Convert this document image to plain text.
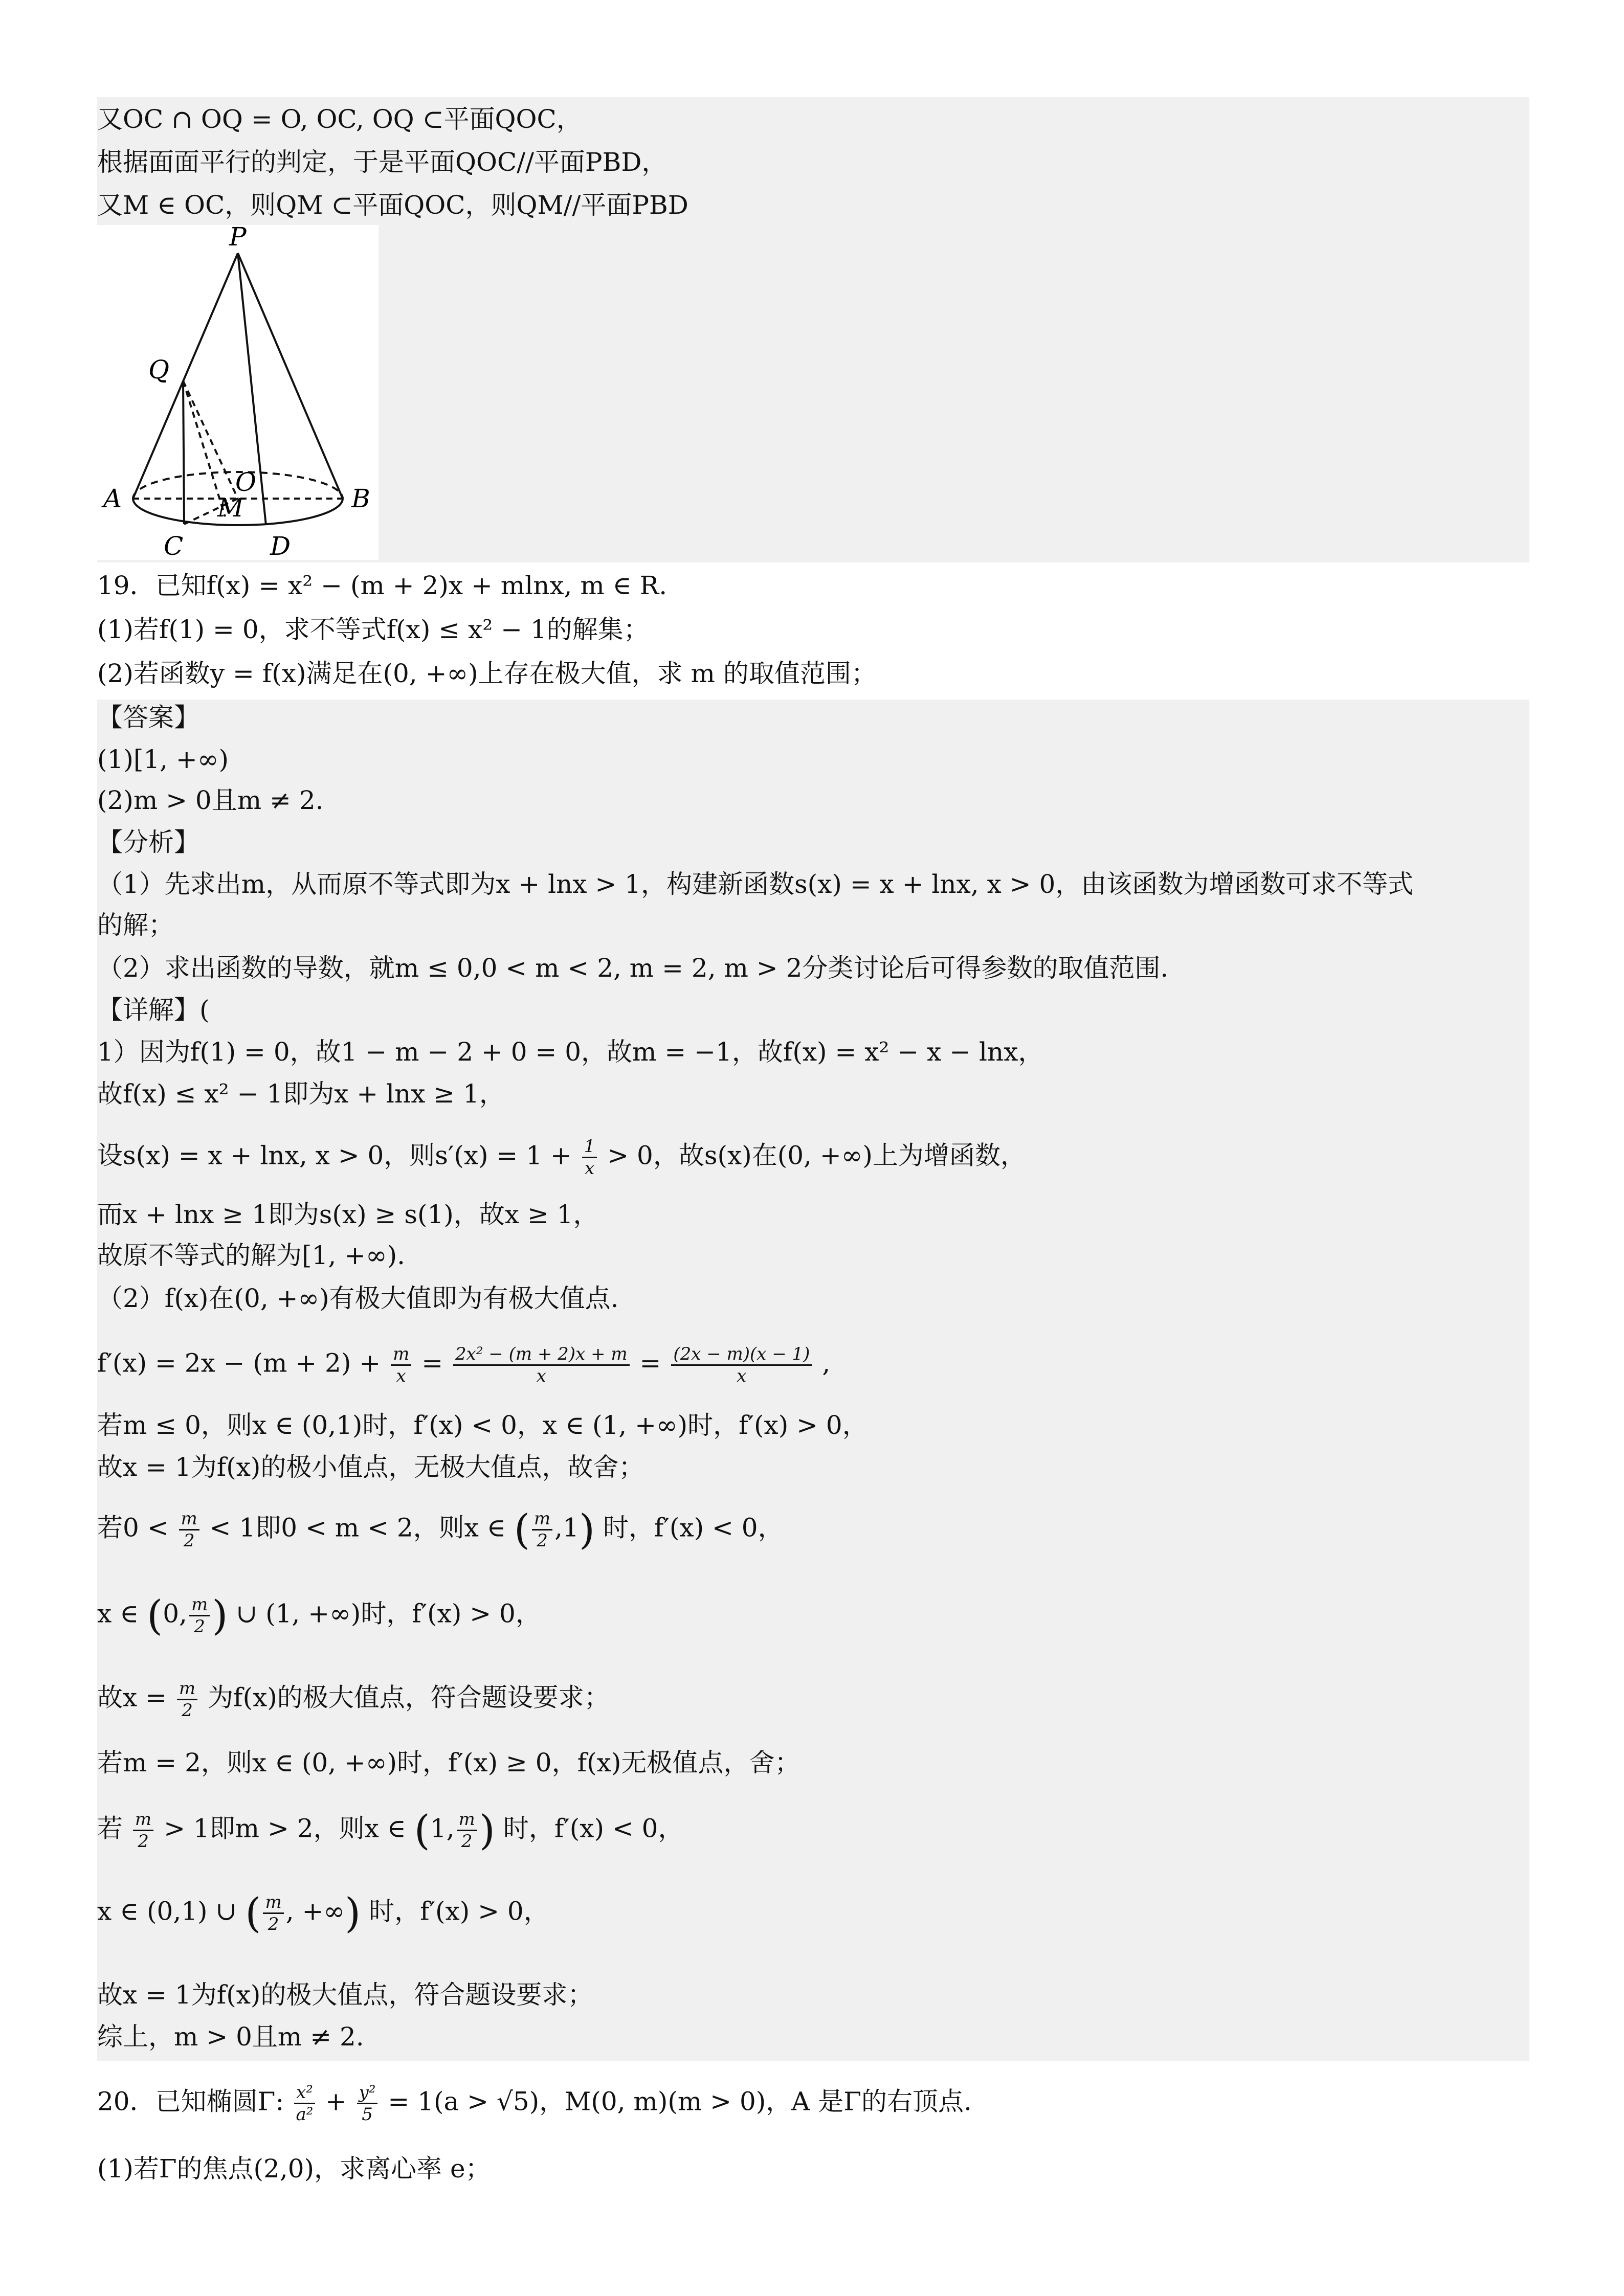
又OC ∩ OQ = O, OC, OQ ⊂平面QOC，
根据面面平行的判定，于是平面QOC//平面PBD，
又M ∈ OC，则QM ⊂平面QOC，则QM//平面PBD
P
Q
O
A	B
M
C	D
19．已知f(x) = x² − (m + 2)x + mlnx, m ∈ R.
(1)若f(1) = 0，求不等式f(x) ≤ x² − 1的解集；
(2)若函数y = f(x)满足在(0, +∞)上存在极大值，求 m 的取值范围；
【答案】
(1)[1, +∞)
(2)m > 0且m ≠ 2.
【分析】
（1）先求出m，从而原不等式即为x + lnx > 1，构建新函数s(x) = x + lnx, x > 0，由该函数为增函数可求不等式
的解；
（2）求出函数的导数，就m ≤ 0,0 < m < 2, m = 2, m > 2分类讨论后可得参数的取值范围.
【详解】(
1）因为f(1) = 0，故1 − m − 2 + 0 = 0，故m = −1，故f(x) = x² − x − lnx，
故f(x) ≤ x² − 1即为x + lnx ≥ 1，
设s(x) = x + lnx, x > 0，则$s'(x) = 1 + \frac{1}{x} > 0$，故s(x)在(0, +∞)上为增函数，
而x + lnx ≥ 1即为s(x) ≥ s(1)，故x ≥ 1，
故原不等式的解为[1, +∞).
（2）f(x)在(0, +∞)有极大值即为有极大值点.
$f'(x) = 2x - (m + 2) + \frac{m}{x} = \frac{\text{2x² − (m + 2)x + m}}{x} = \frac{(2x - m)(x - 1)}{x}$ ,
若m ≤ 0，则x ∈ (0,1)时，f′(x) < 0，x ∈ (1, +∞)时，f′(x) > 0，
故x = 1为f(x)的极小值点，无极大值点，故舍；
若$0 < \frac{m}{2} < 1$即0 < m < 2，则x ∈ ( $\frac{m}{2} ,1$) 时，f′(x) < 0，
x ∈ (0, $\frac{m}{2}$ ) ∪ (1, +∞)时，f′(x) > 0，
故$x = \frac{m}{2}$ 为f(x)的极大值点，符合题设要求；
若m = 2，则x ∈ (0, +∞)时，f′(x) ≥ 0，f(x)无极值点，舍；
若 $\frac{m}{2} > 1$即m > 2，则x ∈ (1, $\frac{m}{2}$ ) 时，f′(x) < 0，
x ∈ (0,1) ∪ ( $\frac{m}{2}$ , +∞) 时，f′(x) > 0，
故x = 1为f(x)的极大值点，符合题设要求；
综上，m > 0且m ≠ 2.
20．已知椭圆Γ: $\frac{\text{x²}}{\text{a²}} + \frac{\text{y²}}{5} = 1(a > √5)$，M(0, m)(m > 0)，A 是Γ的右顶点.
(1)若Γ的焦点(2,0)，求离心率 e；
